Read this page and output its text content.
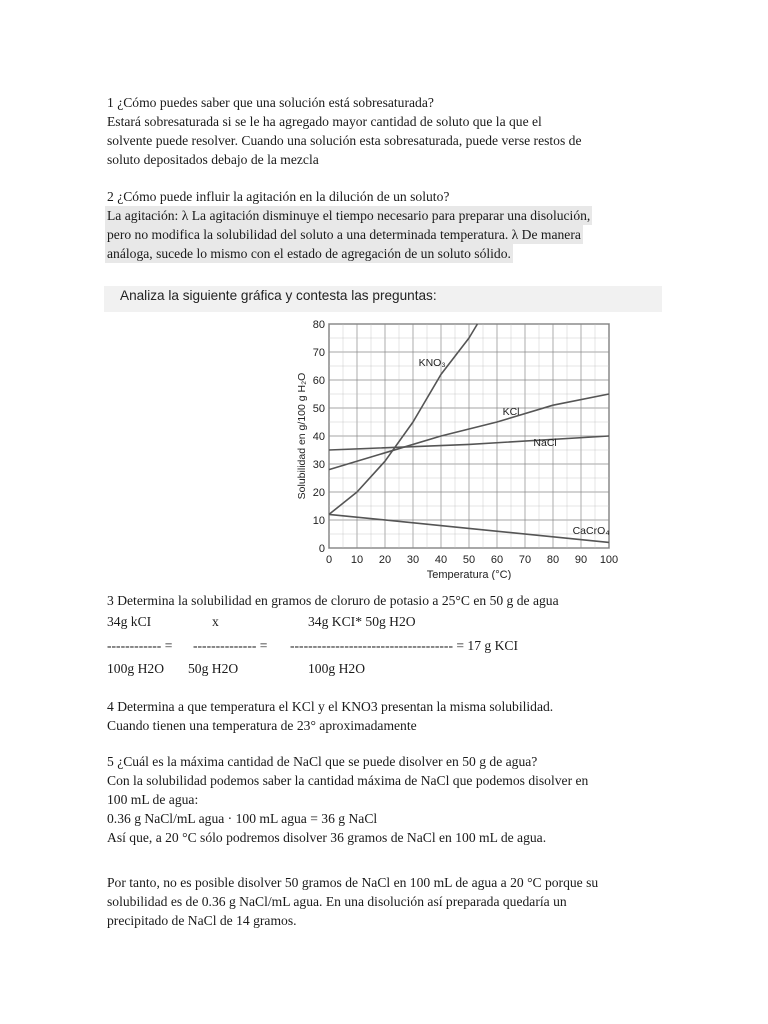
1 ¿Cómo puedes saber que una solución está sobresaturada?
Estará sobresaturada si se le ha agregado mayor cantidad de soluto que la que el
solvente puede resolver. Cuando una solución esta sobresaturada, puede verse restos de
soluto depositados debajo de la mezcla
2 ¿Cómo puede influir la agitación en la dilución de un soluto?
La agitación: λ La agitación disminuye el tiempo necesario para preparar una disolución,
pero no modifica la solubilidad del soluto a una determinada temperatura. λ De manera
análoga, sucede lo mismo con el estado de agregación de un soluto sólido.
Analiza la siguiente gráfica y contesta las preguntas:
0 10 20 30 40 50 60 70 80 90 100
0
10
20
30
40
50
60
70
80
Temperatura (°C)
Solubilidad en g/100 g H₂O
KNO₃
KCl
NaCl
CaCrO₄
3 Determina la solubilidad en gramos de cloruro de potasio a 25°C en 50 g de agua
34g kCI	x	34g KCI* 50g H2O
------------ = -------------- = ------------------------------------ = 17 g KCI
100g H2O 50g H2O	100g H2O
4 Determina a que temperatura el KCl y el KNO3 presentan la misma solubilidad.
Cuando tienen una temperatura de 23° aproximadamente
5 ¿Cuál es la máxima cantidad de NaCl que se puede disolver en 50 g de agua?
Con la solubilidad podemos saber la cantidad máxima de NaCl que podemos disolver en
100 mL de agua:
0.36 g NaCl/mL agua · 100 mL agua = 36 g NaCl
Así que, a 20 °C sólo podremos disolver 36 gramos de NaCl en 100 mL de agua.
Por tanto, no es posible disolver 50 gramos de NaCl en 100 mL de agua a 20 °C porque su
solubilidad es de 0.36 g NaCl/mL agua. En una disolución así preparada quedaría un
precipitado de NaCl de 14 gramos.
